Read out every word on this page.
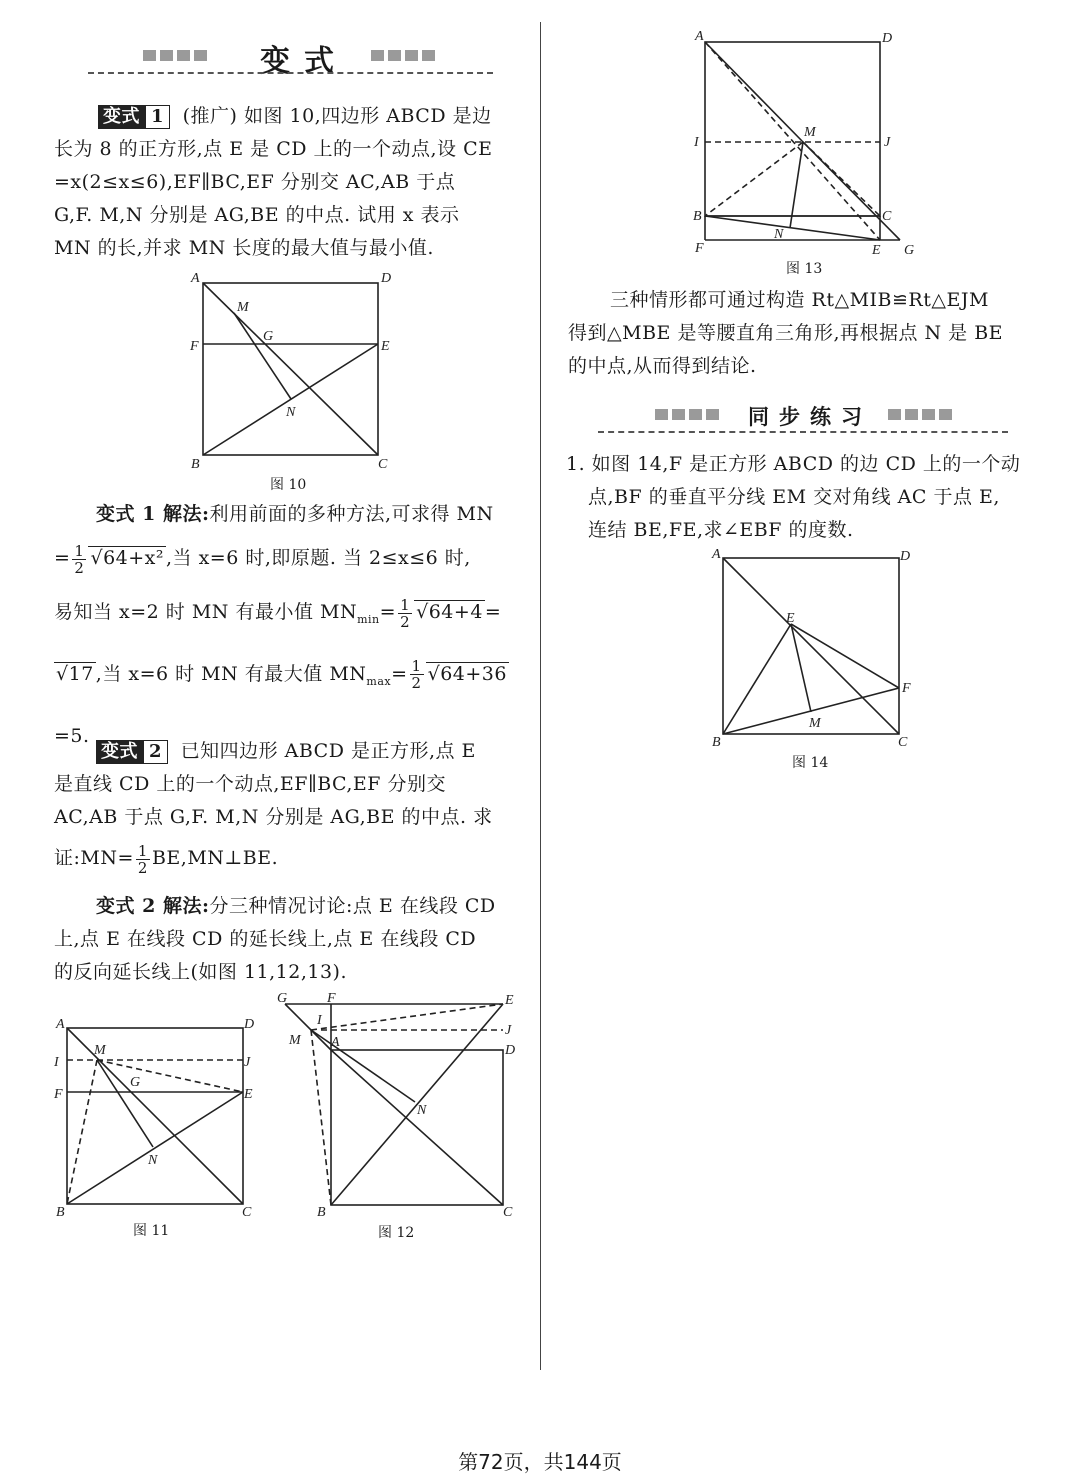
变式
变式 1 (推广) 如图 10,四边形 ABCD 是边
长为 8 的正方形,点 E 是 CD 上的一个动点,设 CE
=x(2≤x≤6),EF∥BC,EF 分别交 AC,AB 于点
G,F. M,N 分别是 AG,BE 的中点. 试用 x 表示
MN 的长,并求 MN 长度的最大值与最小值.
A	D
M
G
F	E
N
B	C
图 10
变式 1 解法:利用前面的多种方法,可求得 MN
= $\frac{1}{2} √64+x^2$ ,当 x=6 时,即原题. 当 2≤x≤6 时,
易知当 x=2 时 MN 有最小值 $MN_{min}= \frac{1}{2} √64+4$ =
√17 ,当 x=6 时 MN 有最大值 $MN_{max}= \frac{1}{2} √64+36$
=5.
变式 2 已知四边形 ABCD 是正方形,点 E
是直线 CD 上的一个动点,EF∥BC,EF 分别交
AC,AB 于点 G,F. M,N 分别是 AG,BE 的中点. 求
证:MN= $\frac{1}{2}$ BE,MN⊥BE.
变式 2 解法:分三种情况讨论:点 E 在线段 CD
上,点 E 在线段 CD 的延长线上,点 E 在线段 CD
的反向延长线上(如图 11,12,13).
A	D
I
M
J
F
G
E
N
B	C
图 11
G	F	E
I
J
M A
D
N
B	C
图 12
A	D
I
M
J
B	C
F
N
E G
图 13
三种情形都可通过构造 Rt△MIB≌Rt△EJM
得到△MBE 是等腰直角三角形,再根据点 N 是 BE
的中点,从而得到结论.
同步练习
1. 如图 14,F 是正方形 ABCD 的边 CD 上的一个动
点,BF 的垂直平分线 EM 交对角线 AC 于点 E,
连结 BE,FE,求∠EBF 的度数.
A	D
E
F
M
B	C
图 14
第72页，共144页
